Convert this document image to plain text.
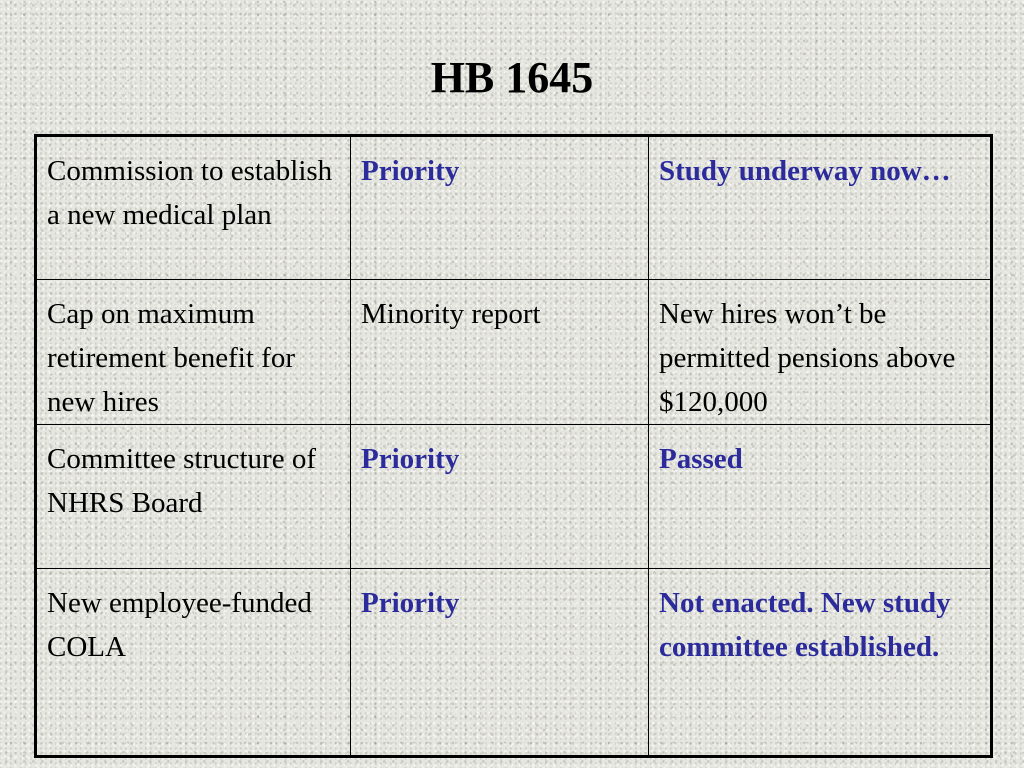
HB 1645
Commission to establish a new medical plan	Priority	Study underway now…
Cap on maximum retirement benefit for new hires	Minority report	New hires won’t be permitted pensions above $120,000
Committee structure of NHRS Board	Priority	Passed
New employee-funded COLA	Priority	Not enacted. New study committee established.
